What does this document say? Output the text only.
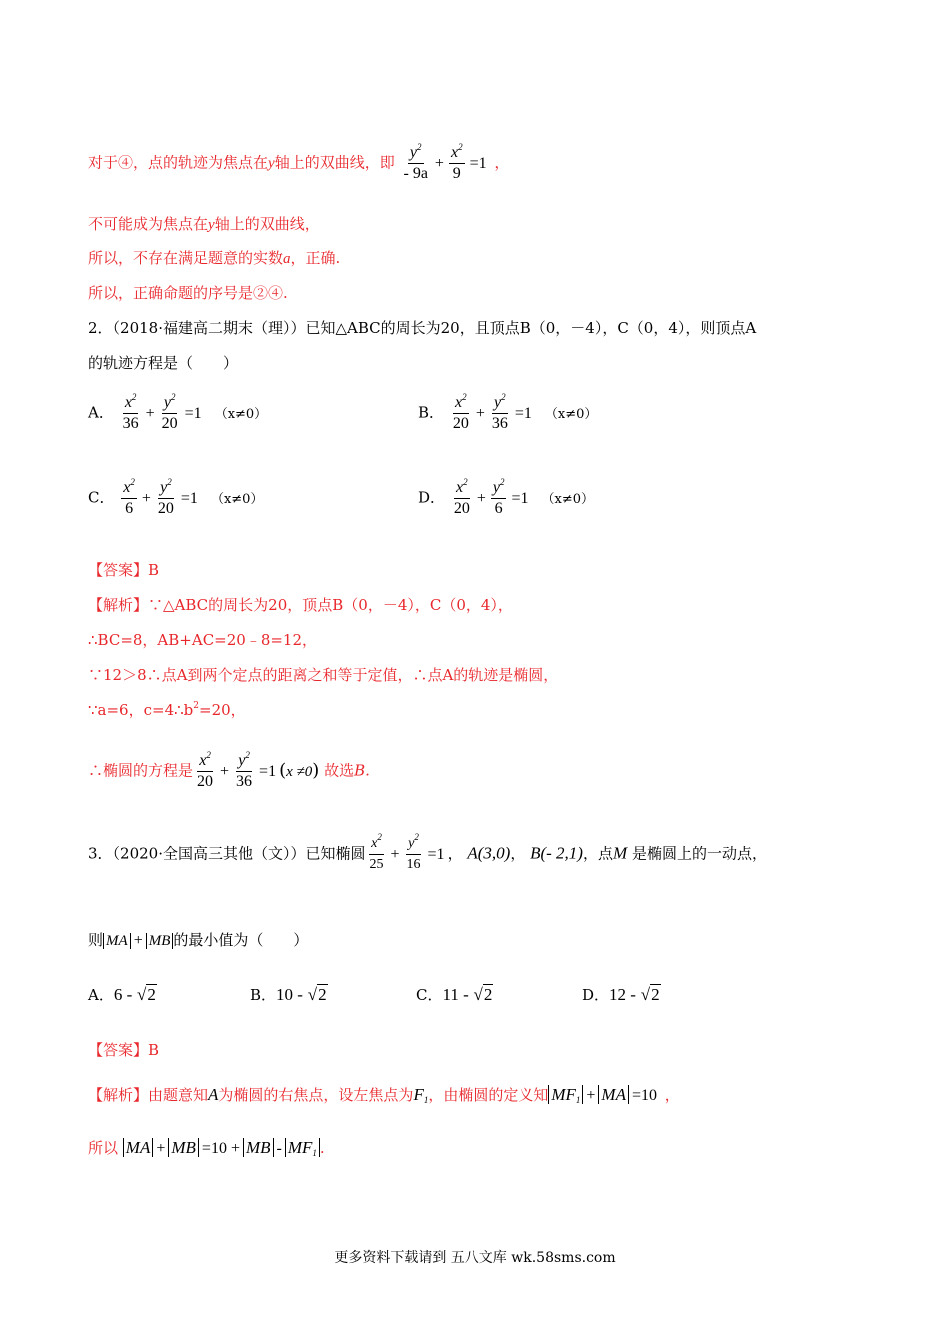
对于④，点的轨迹为焦点在y轴上的双曲线，即 $\frac{y^2}{- 9a} + \frac{x^2}{9} =1$ ，
不可能成为焦点在y轴上的双曲线，
所以，不存在满足题意的实数a，正确.
所以，正确命题的序号是②④.
2．（2018·福建高二期末（理））已知△ABC的周长为20，且顶点B（0，－4），C（0，4），则顶点A
的轨迹方程是（　　）
A． $\frac{x^2}{36} + \frac{y^2}{20} =1$ （x≠0）	B． $\frac{x^2}{20} + \frac{y^2}{36} =1$ （x≠0）
C． $\frac{x^2}{6} + \frac{y^2}{20} =1$ （x≠0）	D． $\frac{x^2}{20} + \frac{y^2}{6} =1$ （x≠0）
【答案】B
【解析】∵△ABC的周长为20，顶点B（0，－4），C（0，4），
∴BC=8，AB+AC=20﹣8=12，
∵12＞8∴点A到两个定点的距离之和等于定值，∴点A的轨迹是椭圆，
∵a=6，$c=4\therefore b^2=20$，
∴椭圆的方程是 $\frac{x^2}{20} + \frac{y^2}{36} =1$ (x ≠0) 故选B.
3．（2020·全国高三其他（文））已知椭圆 $\frac{x^2}{25} + \frac{y^2}{16} =1$ ， A(3,0)， B(- 2,1)，点M 是椭圆上的一动点，
则 MA + MB 的最小值为（　　）
A．6 - √2	B．10 - √2	C．11 - √2	D．12 - √2
【答案】B
【解析】由题意知A为椭圆的右焦点，设左焦点为$F_1$，由椭圆的定义知 $MF_1$ + MA =10 ，
所以 MA + MB =10 + MB - $MF_1$ .
更多资料下载请到 五八文库 wk.58sms.com
